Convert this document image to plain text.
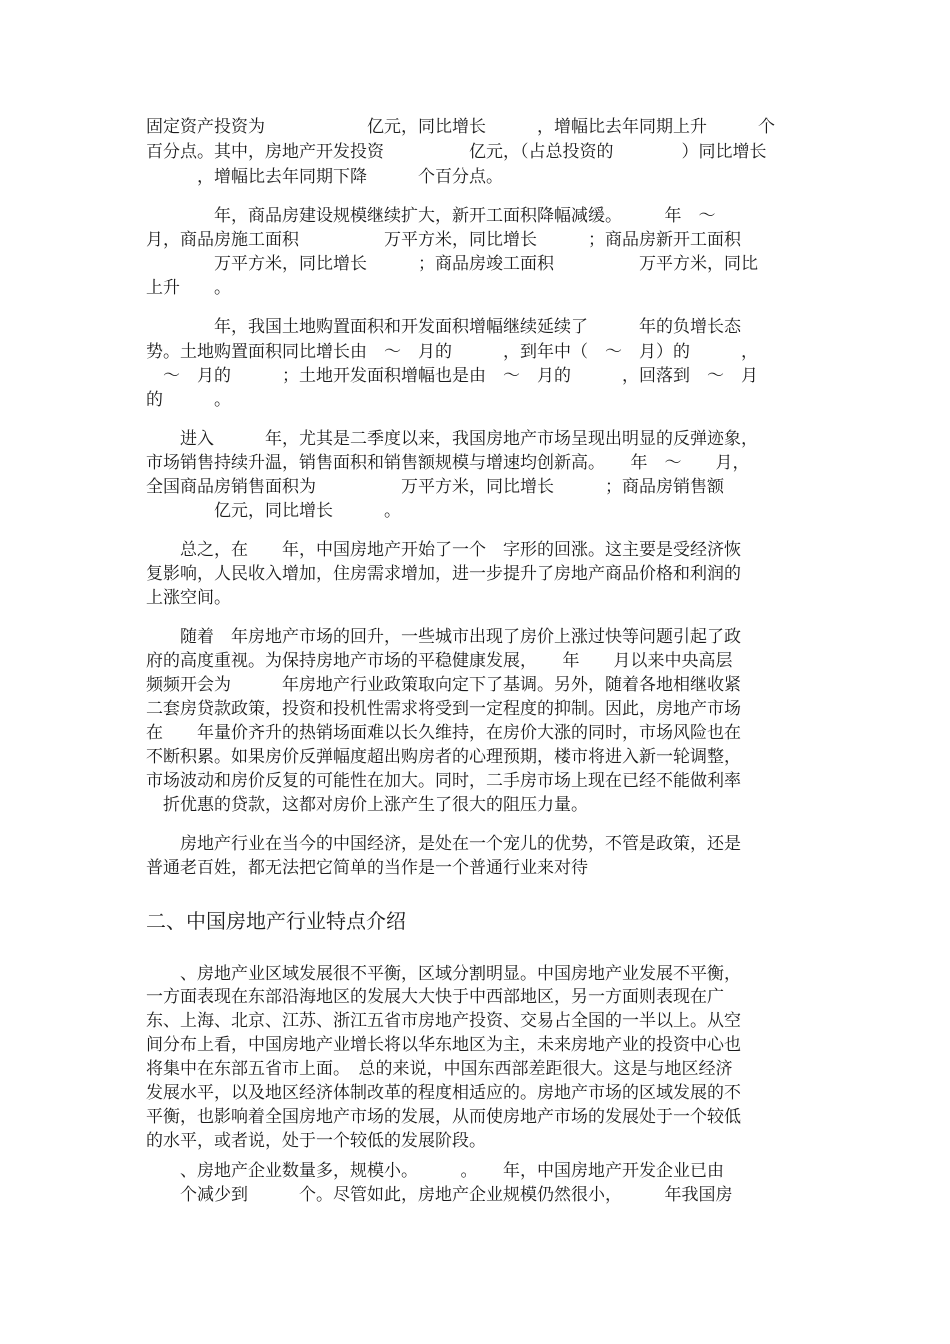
固定资产投资为　　　　　　亿元，同比增长　　　，增幅比去年同期上升　　　个
百分点。其中，房地产开发投资　　　　　亿元，（占总投资的　　　　）同比增长
　　　，增幅比去年同期下降　　　个百分点。
　　　　年，商品房建设规模继续扩大，新开工面积降幅减缓。　　　年　～
月，商品房施工面积　　　　　万平方米，同比增长　　　；商品房新开工面积
　　　　万平方米，同比增长　　　；商品房竣工面积　　　　　万平方米，同比
上升　　。
　　　　年，我国土地购置面积和开发面积增幅继续延续了　　　年的负增长态
势。土地购置面积同比增长由　～　月的　　　，到年中（　～　月）的　　　，
　～　月的　　　；土地开发面积增幅也是由　～　月的　　　，回落到　～　月
的　　　。
　　进入　　　年，尤其是二季度以来，我国房地产市场呈现出明显的反弹迹象，
市场销售持续升温，销售面积和销售额规模与增速均创新高。　　年　～　　月，
全国商品房销售面积为　　　　　万平方米，同比增长　　　；商品房销售额
　　　　亿元，同比增长　　　。
　　总之，在　　年，中国房地产开始了一个　字形的回涨。这主要是受经济恢
复影响，人民收入增加，住房需求增加，进一步提升了房地产商品价格和利润的
上涨空间。
　　随着　年房地产市场的回升，一些城市出现了房价上涨过快等问题引起了政
府的高度重视。为保持房地产市场的平稳健康发展，　　年　　月以来中央高层
频频开会为　　　年房地产行业政策取向定下了基调。另外，随着各地相继收紧
二套房贷款政策，投资和投机性需求将受到一定程度的抑制。因此，房地产市场
在　　年量价齐升的热销场面难以长久维持，在房价大涨的同时，市场风险也在
不断积累。如果房价反弹幅度超出购房者的心理预期，楼市将进入新一轮调整，
市场波动和房价反复的可能性在加大。同时，二手房市场上现在已经不能做利率
　折优惠的贷款，这都对房价上涨产生了很大的阻压力量。
　　房地产行业在当今的中国经济，是处在一个宠儿的优势，不管是政策，还是
普通老百姓，都无法把它简单的当作是一个普通行业来对待
二、中国房地产行业特点介绍
　　、房地产业区域发展很不平衡，区域分割明显。中国房地产业发展不平衡，
一方面表现在东部沿海地区的发展大大快于中西部地区，另一方面则表现在广
东、上海、北京、江苏、浙江五省市房地产投资、交易占全国的一半以上。从空
间分布上看，中国房地产业增长将以华东地区为主，未来房地产业的投资中心也
将集中在东部五省市上面。　总的来说，中国东西部差距很大。这是与地区经济
发展水平，以及地区经济体制改革的程度相适应的。房地产市场的区域发展的不
平衡，也影响着全国房地产市场的发展，从而使房地产市场的发展处于一个较低
的水平，或者说，处于一个较低的发展阶段。
　　、房地产企业数量多，规模小。　　　。　　年，中国房地产开发企业已由
　　个减少到　　　个。尽管如此，房地产企业规模仍然很小，　　　年我国房
